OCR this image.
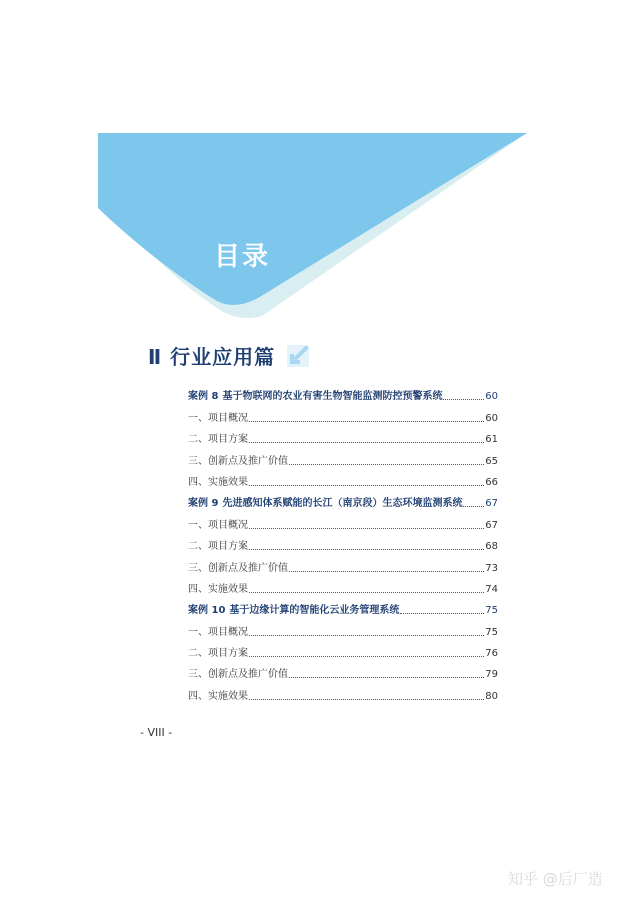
目录
Ⅱ 行业应用篇
案例 8 基于物联网的农业有害生物智能监测防控预警系统	60
一、项目概况	60
二、项目方案	61
三、创新点及推广价值	65
四、实施效果	66
案例 9 先进感知体系赋能的长江（南京段）生态环境监测系统 67
一、项目概况	67
二、项目方案	68
三、创新点及推广价值	73
四、实施效果	74
案例 10 基于边缘计算的智能化云业务管理系统	75
一、项目概况	75
二、项目方案	76
三、创新点及推广价值	79
四、实施效果	80
- VIII -
知乎 @后厂造
